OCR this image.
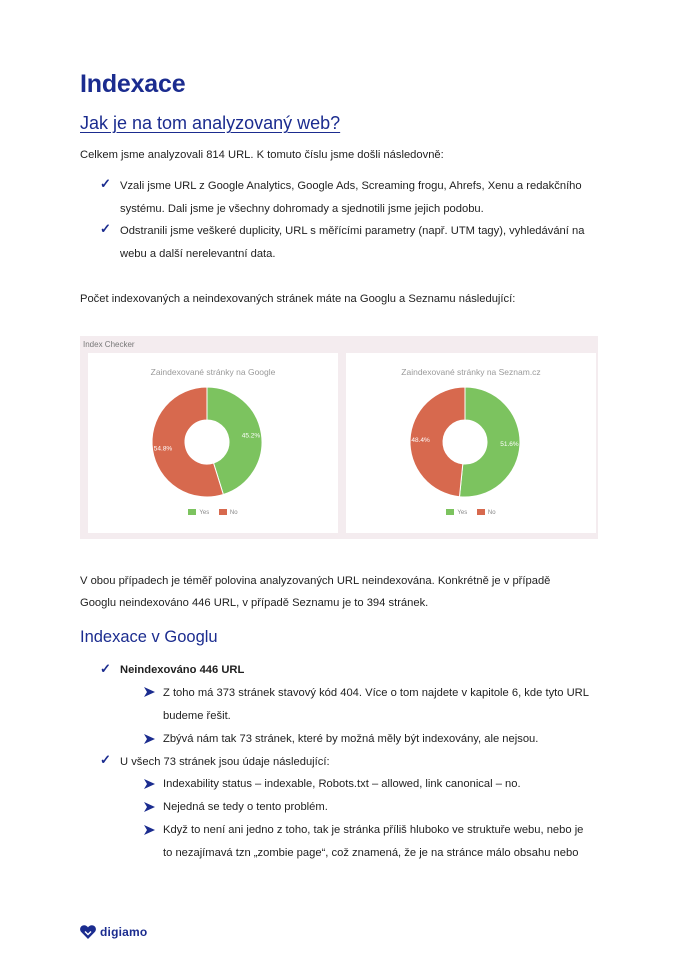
Indexace
Jak je na tom analyzovaný web?

Celkem jsme analyzovali 814 URL. K tomuto číslu jsme došli následovně:

✓ Vzali jsme URL z Google Analytics, Google Ads, Screaming frogu, Ahrefs, Xenu a redakčního
systému. Dali jsme je všechny dohromady a sjednotili jsme jejich podobu.
✓ Odstranili jsme veškeré duplicity, URL s měřícími parametry (např. UTM tagy), vyhledávání na
webu a další nerelevantní data.

Počet indexovaných a neindexovaných stránek máte na Googlu a Seznamu následující:

Index Checker
Zaindexované stránky na Google
45.2%
54.8%
Yes	No
Zaindexované stránky na Seznam.cz
51.6%
48.4%
Yes	No
V obou případech je téměř polovina analyzovaných URL neindexována. Konkrétně je v případě
Googlu neindexováno 446 URL, v případě Seznamu je to 394 stránek.
Indexace v Googlu
✓ Neindexováno 446 URL
Z toho má 373 stránek stavový kód 404. Více o tom najdete v kapitole 6, kde tyto URL
budeme řešit.
Zbývá nám tak 73 stránek, které by možná měly být indexovány, ale nejsou.
✓ U všech 73 stránek jsou údaje následující:
Indexability status – indexable, Robots.txt – allowed, link canonical – no.
Nejedná se tedy o tento problém.
Když to není ani jedno z toho, tak je stránka příliš hluboko ve struktuře webu, nebo je
to nezajímavá tzn „zombie page“, což znamená, že je na stránce málo obsahu nebo
digiamo
